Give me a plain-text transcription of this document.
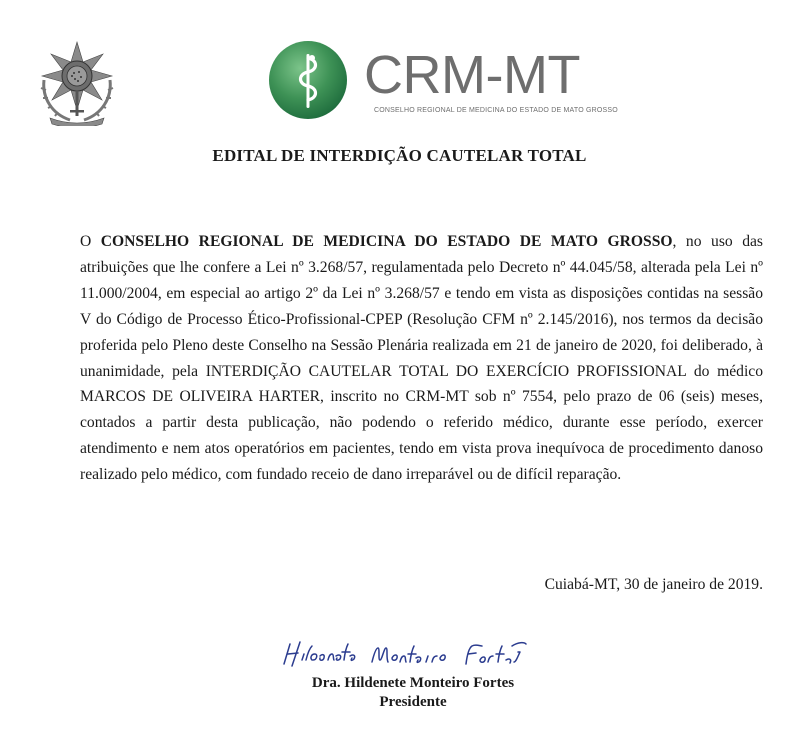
CRM-MT
CONSELHO REGIONAL DE MEDICINA DO ESTADO DE MATO GROSSO
EDITAL DE INTERDIÇÃO CAUTELAR TOTAL
O CONSELHO REGIONAL DE MEDICINA DO ESTADO DE MATO GROSSO, no uso das atribuições que lhe confere a Lei nº 3.268/57, regulamentada pelo Decreto nº 44.045/58, alterada pela Lei nº 11.000/2004, em especial ao artigo 2º da Lei nº 3.268/57 e tendo em vista as disposições contidas na sessão V do Código de Processo Ético-Profissional-CPEP (Resolução CFM nº 2.145/2016), nos termos da decisão proferida pelo Pleno deste Conselho na Sessão Plenária realizada em 21 de janeiro de 2020, foi deliberado, à unanimidade, pela INTERDIÇÃO CAUTELAR TOTAL DO EXERCÍCIO PROFISSIONAL do médico MARCOS DE OLIVEIRA HARTER, inscrito no CRM-MT sob nº 7554, pelo prazo de 06 (seis) meses, contados a partir desta publicação, não podendo o referido médico, durante esse período, exercer atendimento e nem atos operatórios em pacientes, tendo em vista prova inequívoca de procedimento danoso realizado pelo médico, com fundado receio de dano irreparável ou de difícil reparação.
Cuiabá-MT, 30 de janeiro de 2019.
Dra. Hildenete Monteiro Fortes
Presidente
